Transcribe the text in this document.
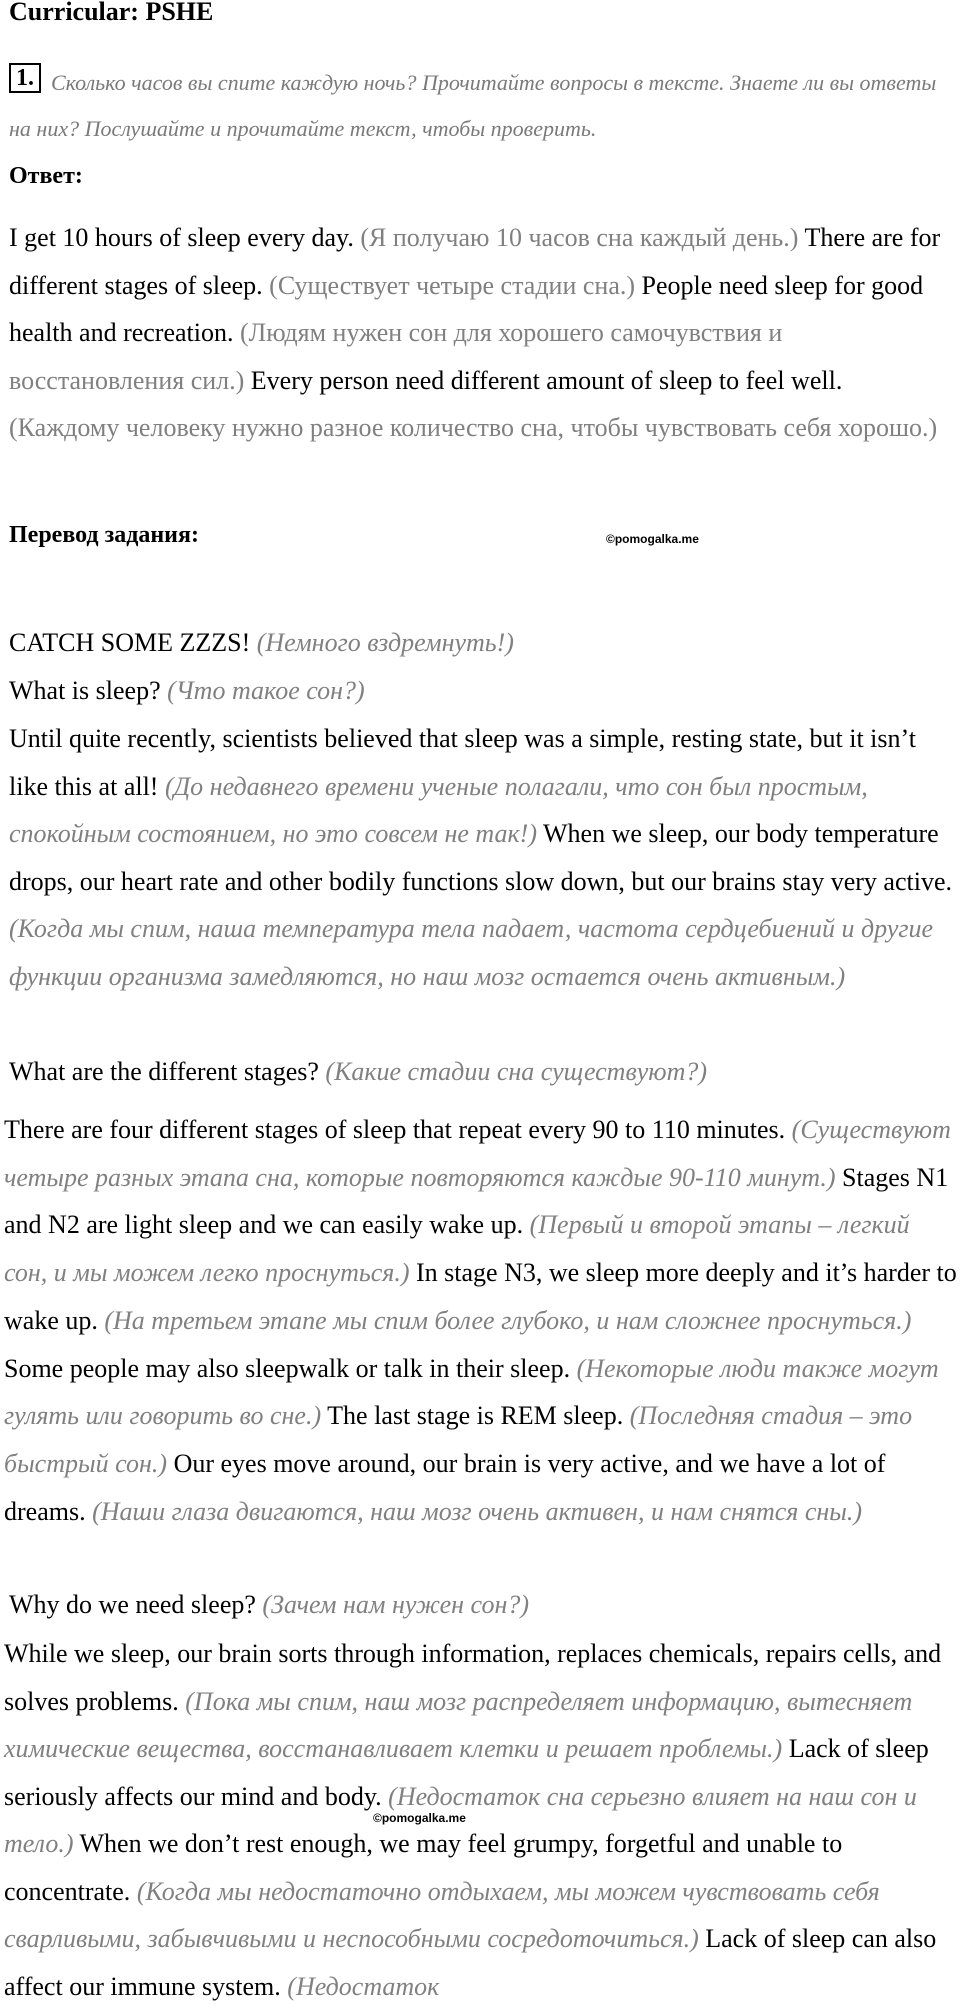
Curricular: PSHE
1. Сколько часов вы спите каждую ночь? Прочитайте вопросы в тексте. Знаете ли вы ответы на них? Послушайте и прочитайте текст, чтобы проверить.

Ответ:

I get 10 hours of sleep every day. (Я получаю 10 часов сна каждый день.) There are for different stages of sleep. (Существует четыре стадии сна.) People need sleep for good health and recreation. (Людям нужен сон для хорошего самочувствия и восстановления сил.) Every person need different amount of sleep to feel well. (Каждому человеку нужно разное количество сна, чтобы чувствовать себя хорошо.)

Перевод задания:	©pomogalka.me

CATCH SOME ZZZS! (Немного вздремнуть!)

What is sleep? (Что такое сон?)

Until quite recently, scientists believed that sleep was a simple, resting state, but it isn’t like this at all! (До недавнего времени ученые полагали, что сон был простым, спокойным состоянием, но это совсем не так!) When we sleep, our body temperature drops, our heart rate and other bodily functions slow down, but our brains stay very active. (Когда мы спим, наша температура тела падает, частота сердцебиений и другие функции организма замедляются, но наш мозг остается очень активным.)

What are the different stages? (Какие стадии сна существуют?)

There are four different stages of sleep that repeat every 90 to 110 minutes. (Существуют четыре разных этапа сна, которые повторяются каждые 90-110 минут.) Stages N1 and N2 are light sleep and we can easily wake up. (Первый и второй этапы – легкий сон, и мы можем легко проснуться.) In stage N3, we sleep more deeply and it’s harder to wake up. (На третьем этапе мы спим более глубоко, и нам сложнее проснуться.) Some people may also sleepwalk or talk in their sleep. (Некоторые люди также могут гулять или говорить во сне.) The last stage is REM sleep. (Последняя стадия – это быстрый сон.) Our eyes move around, our brain is very active, and we have a lot of dreams. (Наши глаза двигаются, наш мозг очень активен, и нам снятся сны.)

Why do we need sleep? (Зачем нам нужен сон?)

While we sleep, our brain sorts through information, replaces chemicals, repairs cells, and solves problems. (Пока мы спим, наш мозг распределяет информацию, вытесняет химические вещества, восстанавливает клетки и решает проблемы.) Lack of sleep seriously affects our mind and body. (Недостаток сна серьезно влияет на наш сон и тело.) When we don’t rest enough, we may feel grumpy, forgetful and unable to concentrate. (Когда мы недостаточно отдыхаем, мы можем чувствовать себя сварливыми, забывчивыми и неспособными сосредоточиться.) Lack of sleep can also affect our immune system. (Недостаток

©pomogalka.me
